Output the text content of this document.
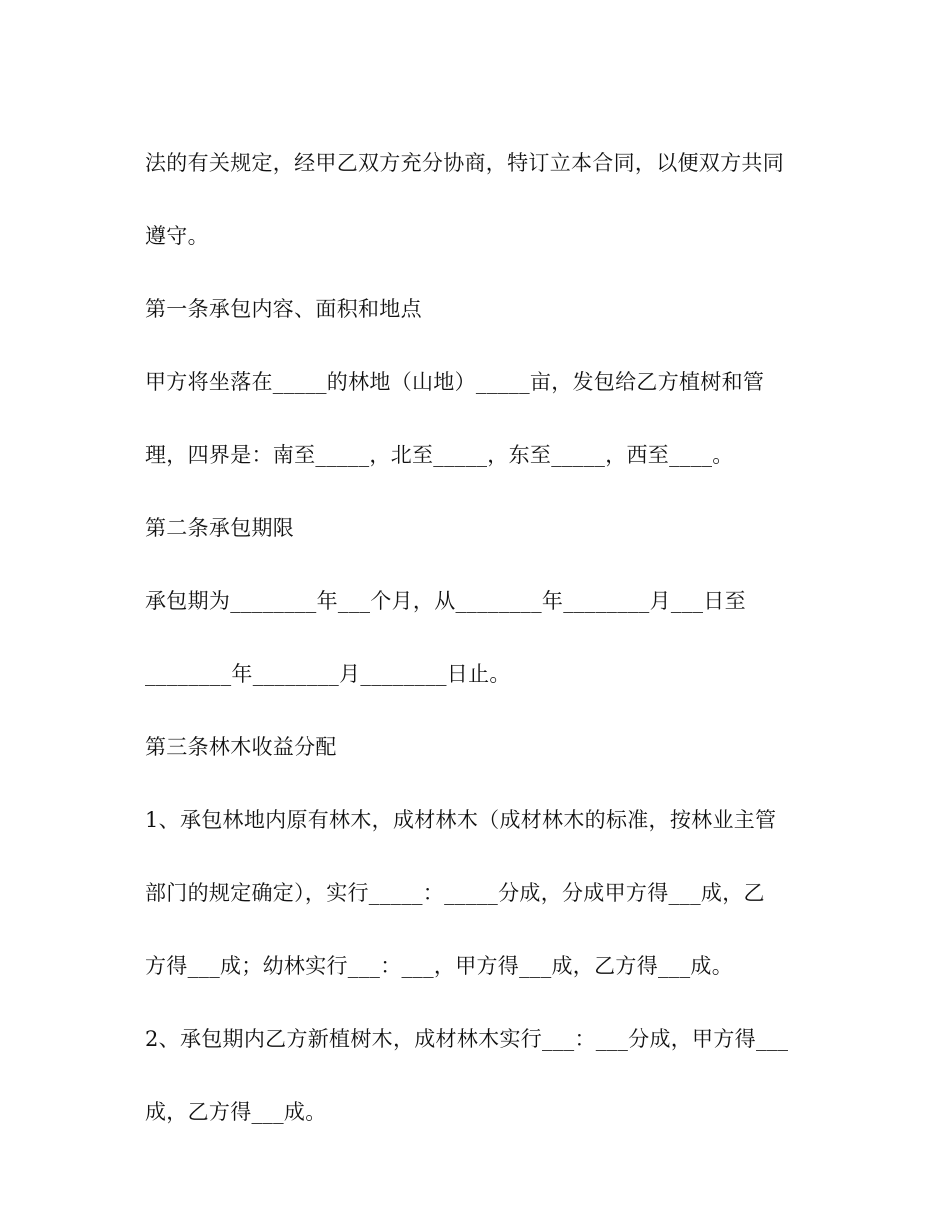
法的有关规定，经甲乙双方充分协商，特订立本合同，以便双方共同

遵守。

第一条承包内容、面积和地点

甲方将坐落在_____的林地（山地）_____亩，发包给乙方植树和管

理，四界是：南至_____，北至_____，东至_____，西至____。

第二条承包期限

承包期为________年___个月，从________年________月___日至

________年________月________日止。

第三条林木收益分配

1、承包林地内原有林木，成材林木（成材林木的标准，按林业主管

部门的规定确定），实行_____：_____分成，分成甲方得___成，乙

方得___成；幼林实行___：___，甲方得___成，乙方得___成。

2、承包期内乙方新植树木，成材林木实行___：___分成，甲方得___

成，乙方得___成。
